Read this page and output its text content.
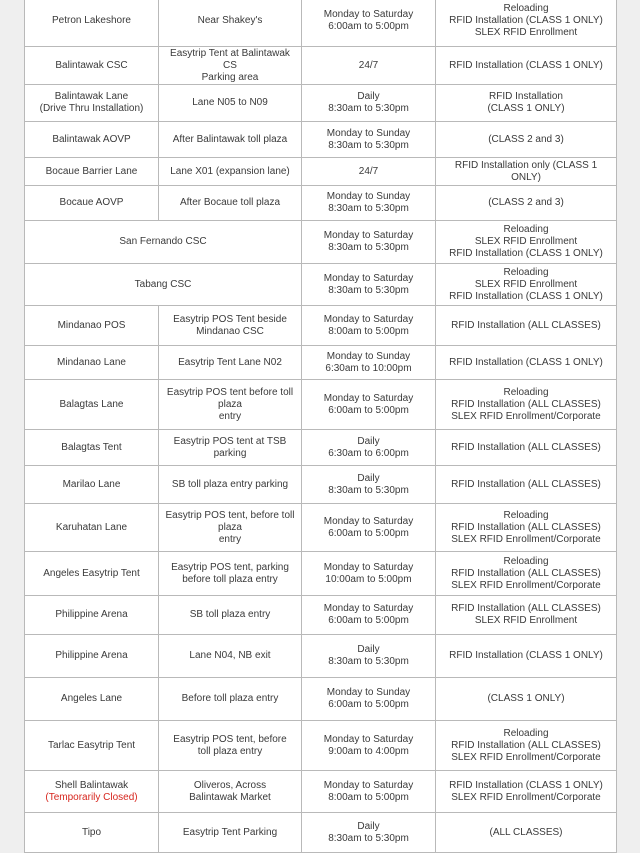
Petron Lakeshore	Near Shakey's	Monday to Saturday
6:00am to 5:00pm	Reloading
RFID Installation (CLASS 1 ONLY)
SLEX RFID Enrollment

Balintawak CSC	Easytrip Tent at Balintawak CS
Parking area	24/7	RFID Installation (CLASS 1 ONLY)

Balintawak Lane
(Drive Thru Installation)	Lane N05 to N09	Daily
8:30am to 5:30pm	RFID Installation
(CLASS 1 ONLY)

Balintawak AOVP	After Balintawak toll plaza	Monday to Sunday
8:30am to 5:30pm	(CLASS 2 and 3)

Bocaue Barrier Lane	Lane X01 (expansion lane)	24/7	RFID Installation only (CLASS 1 ONLY)

Bocaue AOVP	After Bocaue toll plaza	Monday to Sunday
8:30am to 5:30pm	(CLASS 2 and 3)

San Fernando CSC		Monday to Saturday
8:30am to 5:30pm	Reloading
SLEX RFID Enrollment
RFID Installation (CLASS 1 ONLY)

Tabang CSC		Monday to Saturday
8:30am to 5:30pm	Reloading
SLEX RFID Enrollment
RFID Installation (CLASS 1 ONLY)

Mindanao POS	Easytrip POS Tent beside
Mindanao CSC	Monday to Saturday
8:00am to 5:00pm	RFID Installation (ALL CLASSES)

Mindanao Lane	Easytrip Tent Lane N02	Monday to Sunday
6:30am to 10:00pm	RFID Installation (CLASS 1 ONLY)

Balagtas Lane	Easytrip POS tent before toll plaza
entry	Monday to Saturday
6:00am to 5:00pm	Reloading
RFID Installation (ALL CLASSES)
SLEX RFID Enrollment/Corporate

Balagtas Tent	Easytrip POS tent at TSB parking	Daily
6:30am to 6:00pm	RFID Installation (ALL CLASSES)

Marilao Lane	SB toll plaza entry parking	Daily
8:30am to 5:30pm	RFID Installation (ALL CLASSES)

Karuhatan Lane	Easytrip POS tent, before toll plaza
entry	Monday to Saturday
6:00am to 5:00pm	Reloading
RFID Installation (ALL CLASSES)
SLEX RFID Enrollment/Corporate

Angeles Easytrip Tent	Easytrip POS tent, parking
before toll plaza entry	Monday to Saturday
10:00am to 5:00pm	Reloading
RFID Installation (ALL CLASSES)
SLEX RFID Enrollment/Corporate

Philippine Arena	SB toll plaza entry	Monday to Saturday
6:00am to 5:00pm	RFID Installation (ALL CLASSES)
SLEX RFID Enrollment

Philippine Arena	Lane N04, NB exit	Daily
8:30am to 5:30pm	RFID Installation (CLASS 1 ONLY)

Angeles Lane	Before toll plaza entry	Monday to Sunday
6:00am to 5:00pm	(CLASS 1 ONLY)

Tarlac Easytrip Tent	Easytrip POS tent, before
toll plaza entry	Monday to Saturday
9:00am to 4:00pm	Reloading
RFID Installation (ALL CLASSES)
SLEX RFID Enrollment/Corporate

Shell Balintawak
(Temporarily Closed)	Oliveros, Across
Balintawak Market	Monday to Saturday
8:00am to 5:00pm	RFID Installation (CLASS 1 ONLY)
SLEX RFID Enrollment/Corporate

Tipo	Easytrip Tent Parking	Daily
8:30am to 5:30pm	(ALL CLASSES)
